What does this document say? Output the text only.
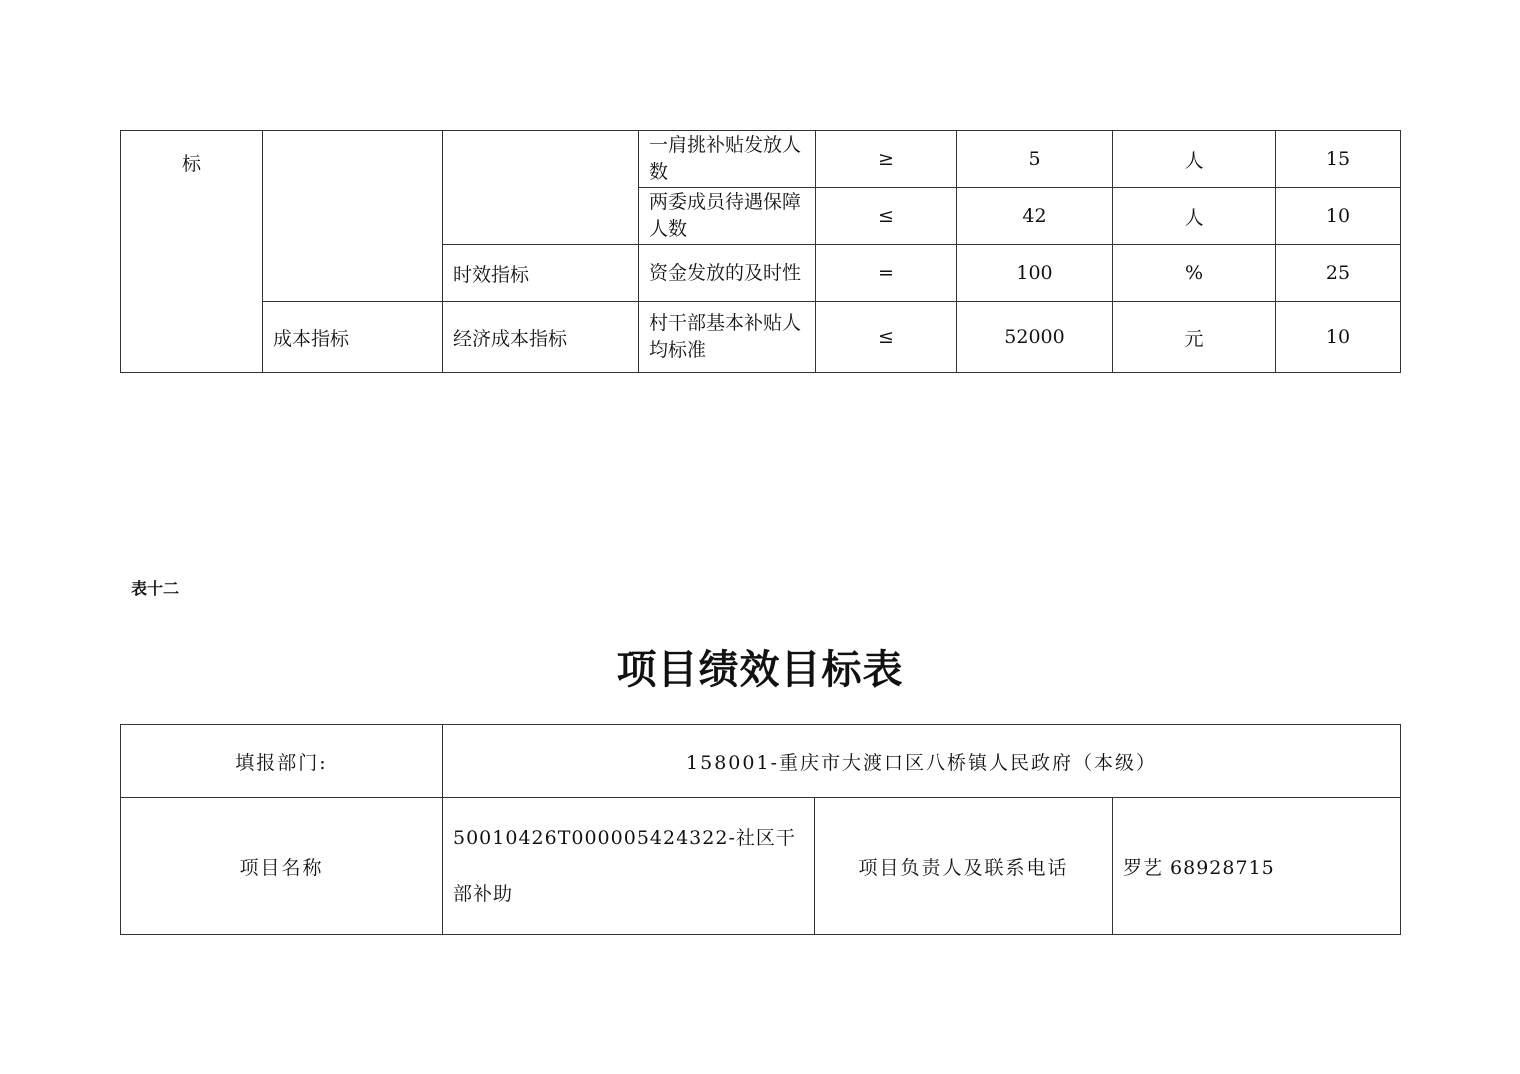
标			一肩挑补贴发放人数	≥	5	人	15
			两委成员待遇保障人数	≤	42	人	10
		时效指标	资金发放的及时性	=	100	%	25
	成本指标	经济成本指标	村干部基本补贴人均标准	≤	52000	元	10
表十二
项目绩效目标表
填报部门:	158001-重庆市大渡口区八桥镇人民政府（本级）		
项目名称	50010426T000005424322-社区干部补助	项目负责人及联系电话	罗艺 68928715
